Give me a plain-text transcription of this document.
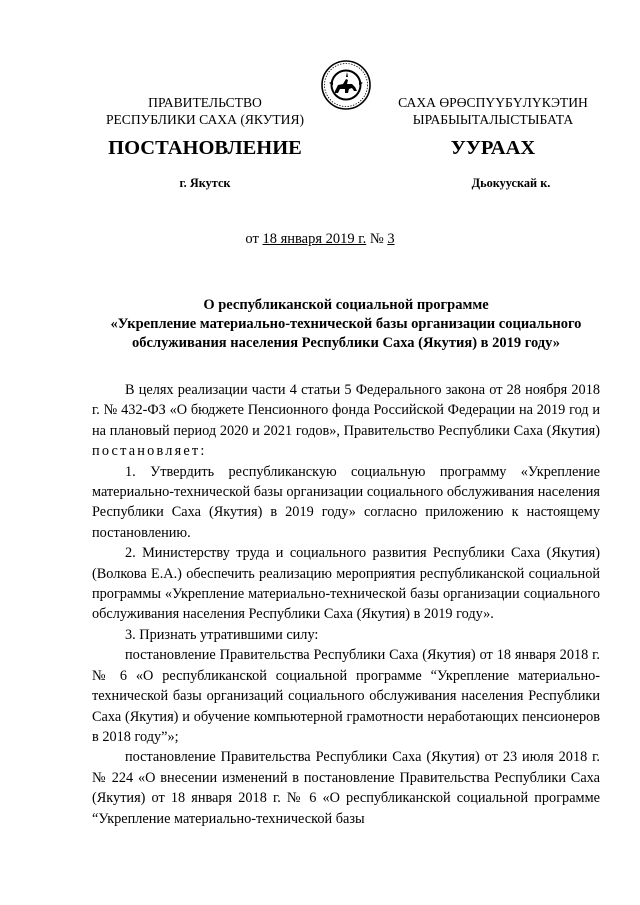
ПРАВИТЕЛЬСТВО
РЕСПУБЛИКИ САХА (ЯКУТИЯ)
САХА ӨРӨСПҮҮБҮЛҮКЭТИН
ЫРАБЫЫТАЛЫСТЫБАТА
ПОСТАНОВЛЕНИЕ	УУРААХ
г. Якутск	Дьокуускай к.
от 18 января 2019 г. № 3
О республиканской социальной программе
«Укрепление материально-технической базы организации социального
обслуживания населения Республики Саха (Якутия) в 2019 году»

В целях реализации части 4 статьи 5 Федерального закона от 28 ноября 2018 г. № 432-ФЗ «О бюджете Пенсионного фонда Российской Федерации на 2019 год и на плановый период 2020 и 2021 годов», Правительство Республики Саха (Якутия) постановляет:

1. Утвердить республиканскую социальную программу «Укрепление материально-технической базы организации социального обслуживания населения Республики Саха (Якутия) в 2019 году» согласно приложению к настоящему постановлению.

2. Министерству труда и социального развития Республики Саха (Якутия) (Волкова Е.А.) обеспечить реализацию мероприятия республиканской социальной программы «Укрепление материально-технической базы организации социального обслуживания населения Республики Саха (Якутия) в 2019 году».

3. Признать утратившими силу:

постановление Правительства Республики Саха (Якутия) от 18 января 2018 г. № 6 «О республиканской социальной программе “Укрепление материально-технической базы организаций социального обслуживания населения Республики Саха (Якутия) и обучение компьютерной грамотности неработающих пенсионеров в 2018 году”»;

постановление Правительства Республики Саха (Якутия) от 23 июля 2018 г. № 224 «О внесении изменений в постановление Правительства Республики Саха (Якутия) от 18 января 2018 г. № 6 «О республиканской социальной программе “Укрепление материально-технической базы
